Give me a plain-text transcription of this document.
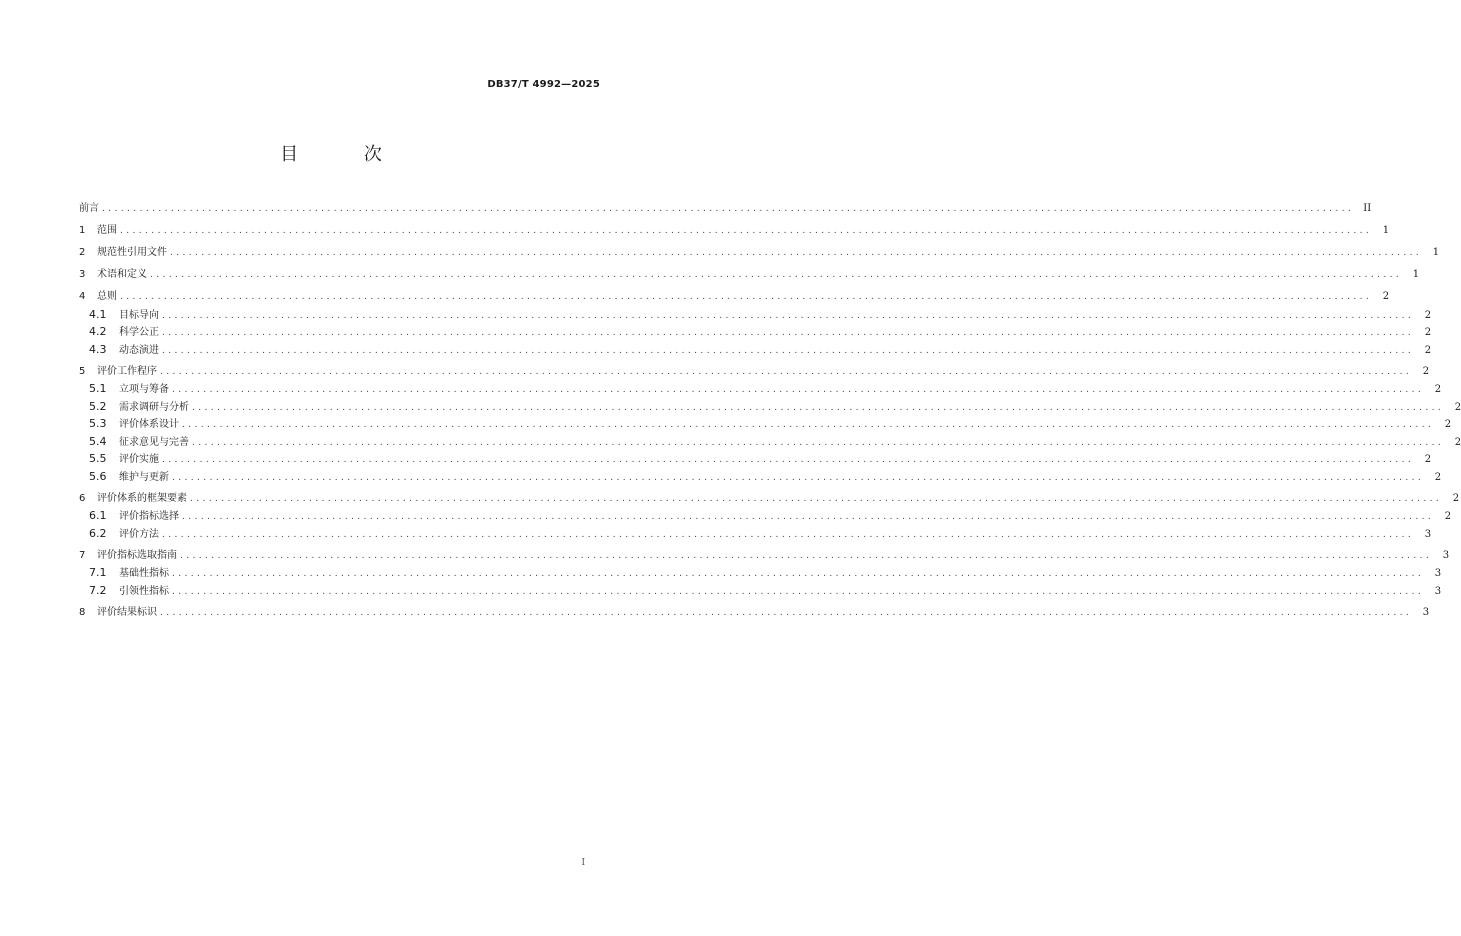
DB37/T 4992—2025
目 次
前言 ........................................................................................................................................................................................................ II
1	范围 ........................................................................................................................................................................................................	1
2	规范性引用文件 ........................................................................................................................................................................................................	1
3	术语和定义 ........................................................................................................................................................................................................	1
4	总则 ........................................................................................................................................................................................................	2
4.1	目标导向 ........................................................................................................................................................................................................	2
4.2	科学公正 ........................................................................................................................................................................................................	2
4.3	动态演进 ........................................................................................................................................................................................................	2
5	评价工作程序 ........................................................................................................................................................................................................	2
5.1	立项与筹备 ........................................................................................................................................................................................................	2
5.2	需求调研与分析 ........................................................................................................................................................................................................	2
5.3	评价体系设计 ........................................................................................................................................................................................................	2
5.4	征求意见与完善 ........................................................................................................................................................................................................	2
5.5	评价实施 ........................................................................................................................................................................................................	2
5.6	维护与更新 ........................................................................................................................................................................................................	2
6	评价体系的框架要素 ........................................................................................................................................................................................................	2
6.1	评价指标选择 ........................................................................................................................................................................................................	2
6.2	评价方法 ........................................................................................................................................................................................................	3
7	评价指标选取指南 ........................................................................................................................................................................................................	3
7.1	基础性指标 ........................................................................................................................................................................................................	3
7.2	引领性指标 ........................................................................................................................................................................................................	3
8	评价结果标识 ........................................................................................................................................................................................................	3
I
